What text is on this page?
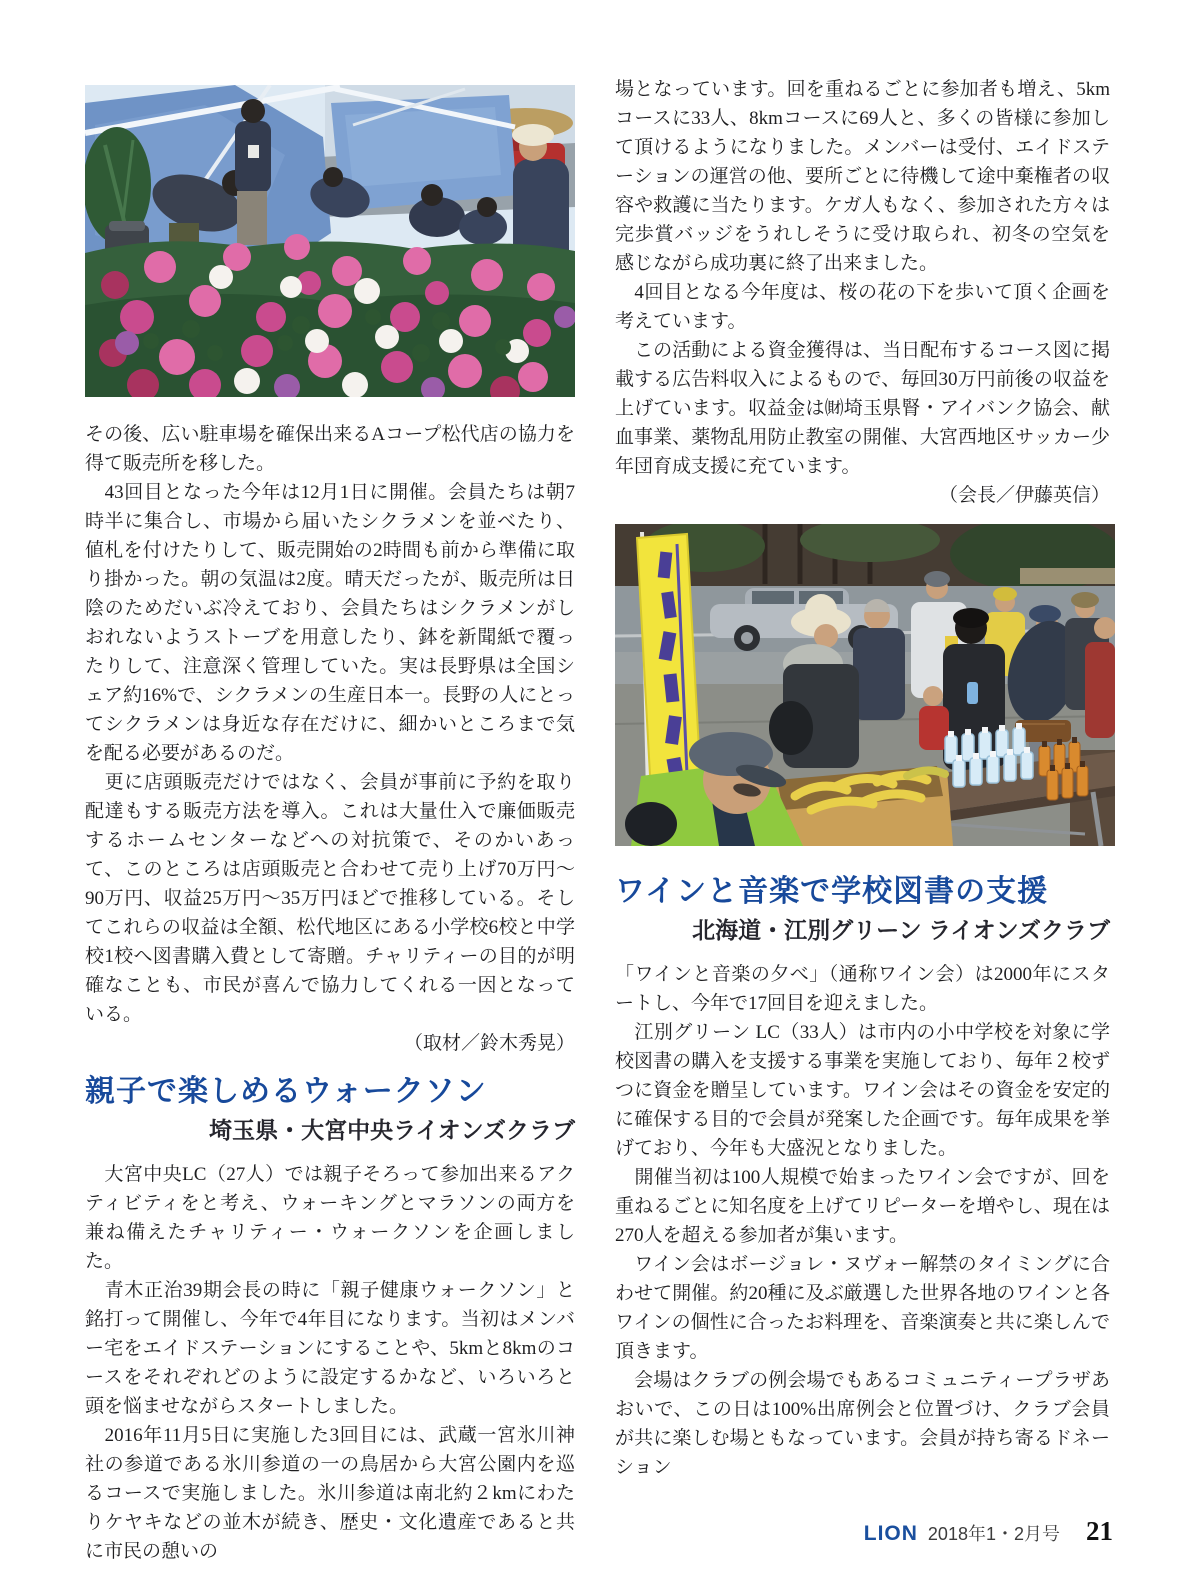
その後、広い駐車場を確保出来るAコープ松代店の協力を得て販売所を移した。

　43回目となった今年は12月1日に開催。会員たちは朝7時半に集合し、市場から届いたシクラメンを並べたり、値札を付けたりして、販売開始の2時間も前から準備に取り掛かった。朝の気温は2度。晴天だったが、販売所は日陰のためだいぶ冷えており、会員たちはシクラメンがしおれないようストーブを用意したり、鉢を新聞紙で覆ったりして、注意深く管理していた。実は長野県は全国シェア約16%で、シクラメンの生産日本一。長野の人にとってシクラメンは身近な存在だけに、細かいところまで気を配る必要があるのだ。

　更に店頭販売だけではなく、会員が事前に予約を取り配達もする販売方法を導入。これは大量仕入で廉価販売するホームセンターなどへの対抗策で、そのかいあって、このところは店頭販売と合わせて売り上げ70万円〜90万円、収益25万円〜35万円ほどで推移している。そしてこれらの収益は全額、松代地区にある小学校6校と中学校1校へ図書購入費として寄贈。チャリティーの目的が明確なことも、市民が喜んで協力してくれる一因となっている。

（取材／鈴木秀晃）

親子で楽しめるウォークソン
埼玉県・大宮中央ライオンズクラブ

　大宮中央LC（27人）では親子そろって参加出来るアクティビティをと考え、ウォーキングとマラソンの両方を兼ね備えたチャリティー・ウォークソンを企画しました。

　青木正治39期会長の時に「親子健康ウォークソン」と銘打って開催し、今年で4年目になります。当初はメンバー宅をエイドステーションにすることや、5kmと8kmのコースをそれぞれどのように設定するかなど、いろいろと頭を悩ませながらスタートしました。

　2016年11月5日に実施した3回目には、武蔵一宮氷川神社の参道である氷川参道の一の鳥居から大宮公園内を巡るコースで実施しました。氷川参道は南北約２kmにわたりケヤキなどの並木が続き、歴史・文化遺産であると共に市民の憩いの

場となっています。回を重ねるごとに参加者も増え、5kmコースに33人、8kmコースに69人と、多くの皆様に参加して頂けるようになりました。メンバーは受付、エイドステーションの運営の他、要所ごとに待機して途中棄権者の収容や救護に当たります。ケガ人もなく、参加された方々は完歩賞バッジをうれしそうに受け取られ、初冬の空気を感じながら成功裏に終了出来ました。

　4回目となる今年度は、桜の花の下を歩いて頂く企画を考えています。

　この活動による資金獲得は、当日配布するコース図に掲載する広告料収入によるもので、毎回30万円前後の収益を上げています。収益金は㈶埼玉県腎・アイバンク協会、献血事業、薬物乱用防止教室の開催、大宮西地区サッカー少年団育成支援に充ています。

（会長／伊藤英信）

ワインと音楽で学校図書の支援
北海道・江別グリーン ライオンズクラブ

「ワインと音楽の夕べ」（通称ワイン会）は2000年にスタートし、今年で17回目を迎えました。

　江別グリーン LC（33人）は市内の小中学校を対象に学校図書の購入を支援する事業を実施しており、毎年２校ずつに資金を贈呈しています。ワイン会はその資金を安定的に確保する目的で会員が発案した企画です。毎年成果を挙げており、今年も大盛況となりました。

　開催当初は100人規模で始まったワイン会ですが、回を重ねるごとに知名度を上げてリピーターを増やし、現在は270人を超える参加者が集います。

　ワイン会はボージョレ・ヌヴォー解禁のタイミングに合わせて開催。約20種に及ぶ厳選した世界各地のワインと各ワインの個性に合ったお料理を、音楽演奏と共に楽しんで頂きます。

　会場はクラブの例会場でもあるコミュニティープラザあおいで、この日は100%出席例会と位置づけ、クラブ会員が共に楽しむ場ともなっています。会員が持ち寄るドネーション

LION 2018年1・2月号 21
